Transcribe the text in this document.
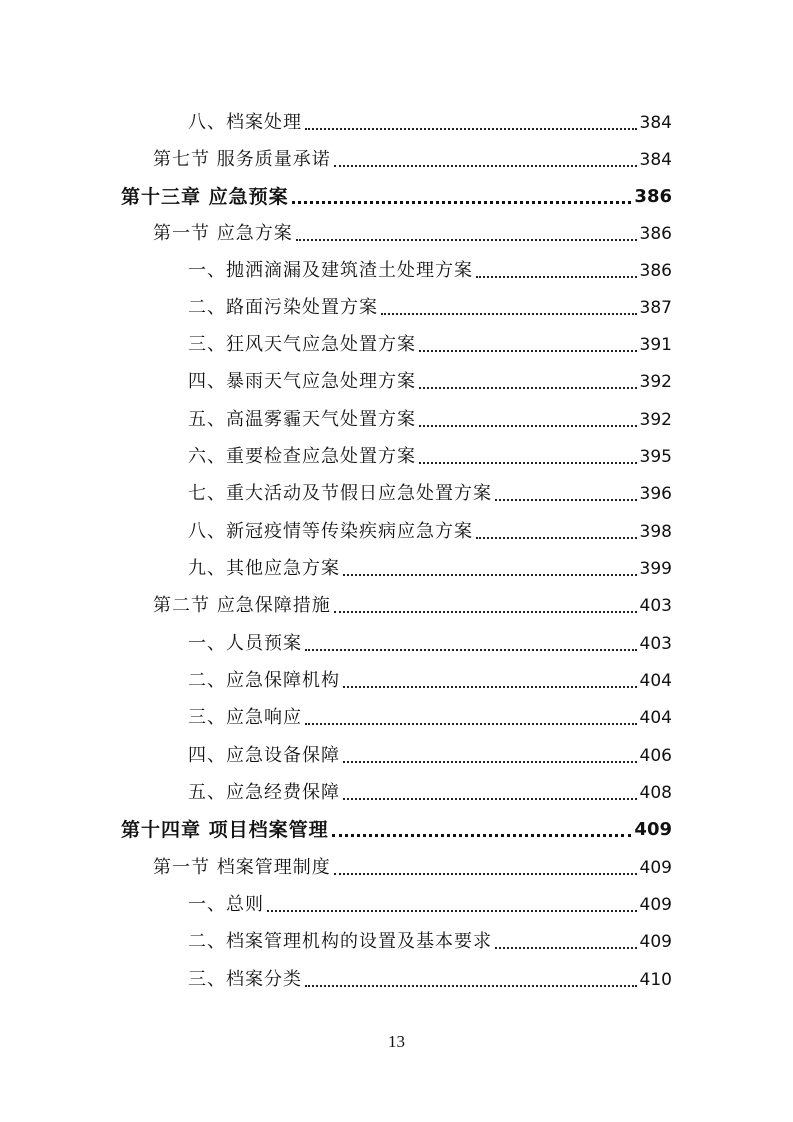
八、档案处理	384
第七节 服务质量承诺	384
第十三章 应急预案	386
第一节 应急方案	386
一、抛洒滴漏及建筑渣土处理方案	386
二、路面污染处置方案	387
三、狂风天气应急处置方案	391
四、暴雨天气应急处理方案	392
五、高温雾霾天气处置方案	392
六、重要检查应急处置方案	395
七、重大活动及节假日应急处置方案	396
八、新冠疫情等传染疾病应急方案	398
九、其他应急方案	399
第二节 应急保障措施	403
一、人员预案	403
二、应急保障机构	404
三、应急响应	404
四、应急设备保障	406
五、应急经费保障	408
第十四章 项目档案管理	409
第一节 档案管理制度	409
一、总则	409
二、档案管理机构的设置及基本要求	409
三、档案分类	410
13
